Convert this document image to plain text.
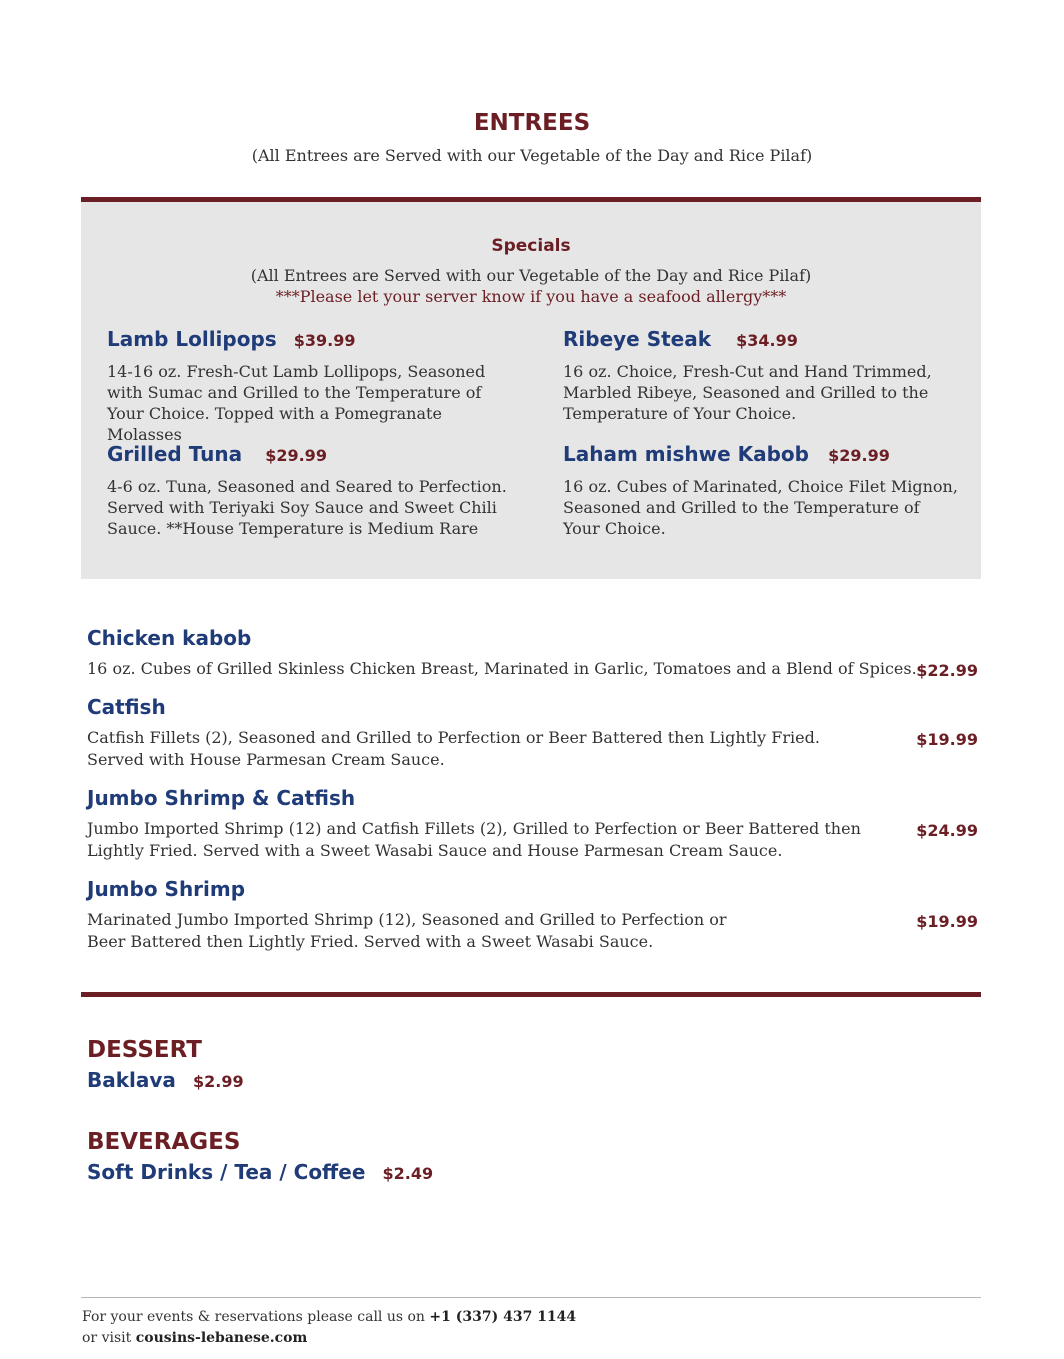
ENTREES
(All Entrees are Served with our Vegetable of the Day and Rice Pilaf)
Specials
(All Entrees are Served with our Vegetable of the Day and Rice Pilaf)
***Please let your server know if you have a seafood allergy***
Lamb Lollipops $39.99
14-16 oz. Fresh-Cut Lamb Lollipops, Seasoned with Sumac and Grilled to the Temperature of Your Choice. Topped with a Pomegranate Molasses
Ribeye Steak $34.99
16 oz. Choice, Fresh-Cut and Hand Trimmed, Marbled Ribeye, Seasoned and Grilled to the Temperature of Your Choice.
Grilled Tuna $29.99
4-6 oz. Tuna, Seasoned and Seared to Perfection. Served with Teriyaki Soy Sauce and Sweet Chili Sauce. **House Temperature is Medium Rare
Laham mishwe Kabob $29.99
16 oz. Cubes of Marinated, Choice Filet Mignon, Seasoned and Grilled to the Temperature of Your Choice.
Chicken kabob
16 oz. Cubes of Grilled Skinless Chicken Breast, Marinated in Garlic, Tomatoes and a Blend of Spices. $22.99
Catfish
Catfish Fillets (2), Seasoned and Grilled to Perfection or Beer Battered then Lightly Fried. Served with House Parmesan Cream Sauce.
$19.99
Jumbo Shrimp & Catfish
Jumbo Imported Shrimp (12) and Catfish Fillets (2), Grilled to Perfection or Beer Battered then Lightly Fried. Served with a Sweet Wasabi Sauce and House Parmesan Cream Sauce.
$24.99
Jumbo Shrimp
Marinated Jumbo Imported Shrimp (12), Seasoned and Grilled to Perfection or Beer Battered then Lightly Fried. Served with a Sweet Wasabi Sauce.
$19.99
DESSERT
Baklava $2.99
BEVERAGES
Soft Drinks / Tea / Coffee $2.49
For your events & reservations please call us on +1 (337) 437 1144
or visit cousins-lebanese.com
